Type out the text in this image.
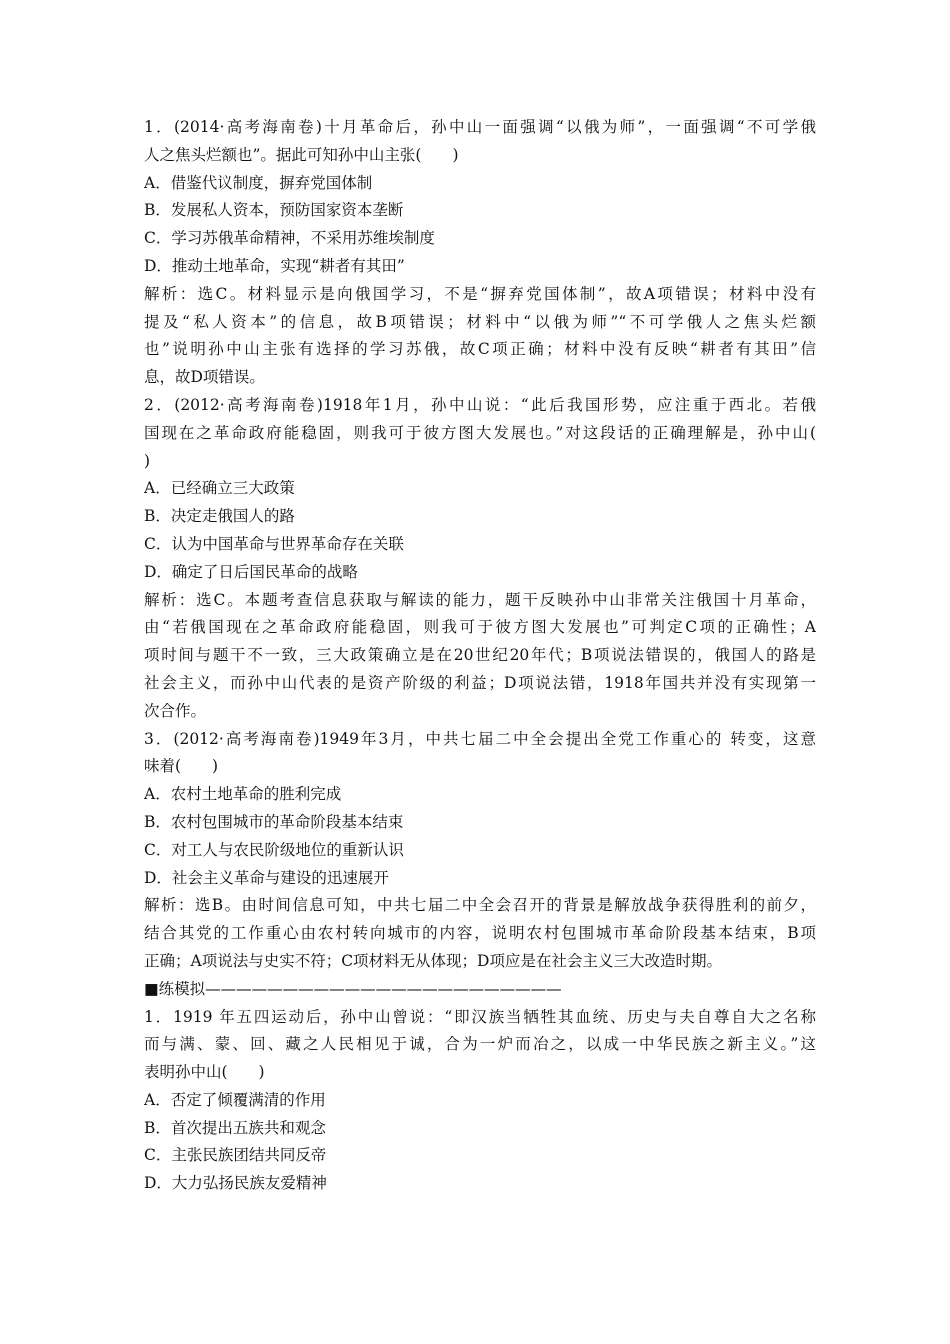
1．(2014·高考海南卷)十月革命后，孙中山一面强调“以俄为师”，一面强调“不可学俄
人之焦头烂额也”。据此可知孙中山主张(　　)
A．借鉴代议制度，摒弃党国体制
B．发展私人资本，预防国家资本垄断
C．学习苏俄革命精神，不采用苏维埃制度
D．推动土地革命，实现“耕者有其田”
解析：选C。材料显示是向俄国学习，不是“摒弃党国体制”，故A项错误；材料中没有
提及“私人资本”的信息，故B项错误；材料中“以俄为师”“不可学俄人之焦头烂额
也”说明孙中山主张有选择的学习苏俄，故C项正确；材料中没有反映“耕者有其田”信
息，故D项错误。
2．(2012·高考海南卷)1918年1月，孙中山说：“此后我国形势，应注重于西北。若俄
国现在之革命政府能稳固，则我可于彼方图大发展也。”对这段话的正确理解是，孙中山(
)
A．已经确立三大政策
B．决定走俄国人的路
C．认为中国革命与世界革命存在关联
D．确定了日后国民革命的战略
解析：选C。本题考查信息获取与解读的能力，题干反映孙中山非常关注俄国十月革命，
由“若俄国现在之革命政府能稳固，则我可于彼方图大发展也”可判定C项的正确性；A
项时间与题干不一致，三大政策确立是在20世纪20年代；B项说法错误的，俄国人的路是
社会主义，而孙中山代表的是资产阶级的利益；D项说法错，1918年国共并没有实现第一
次合作。
3．(2012·高考海南卷)1949年3月，中共七届二中全会提出全党工作重心的 转变，这意
味着(　　)
A．农村土地革命的胜利完成
B．农村包围城市的革命阶段基本结束
C．对工人与农民阶级地位的重新认识
D．社会主义革命与建设的迅速展开
解析：选B。由时间信息可知，中共七届二中全会召开的背景是解放战争获得胜利的前夕，
结合其党的工作重心由农村转向城市的内容，说明农村包围城市革命阶段基本结束，B项
正确；A项说法与史实不符；C项材料无从体现；D项应是在社会主义三大改造时期。
■练模拟———————————————————————
1．1919 年五四运动后，孙中山曾说：“即汉族当牺牲其血统、历史与夫自尊自大之名称
而与满、蒙、回、藏之人民相见于诚，合为一炉而冶之，以成一中华民族之新主义。”这
表明孙中山(　　)
A．否定了倾覆满清的作用
B．首次提出五族共和观念
C．主张民族团结共同反帝
D．大力弘扬民族友爱精神
